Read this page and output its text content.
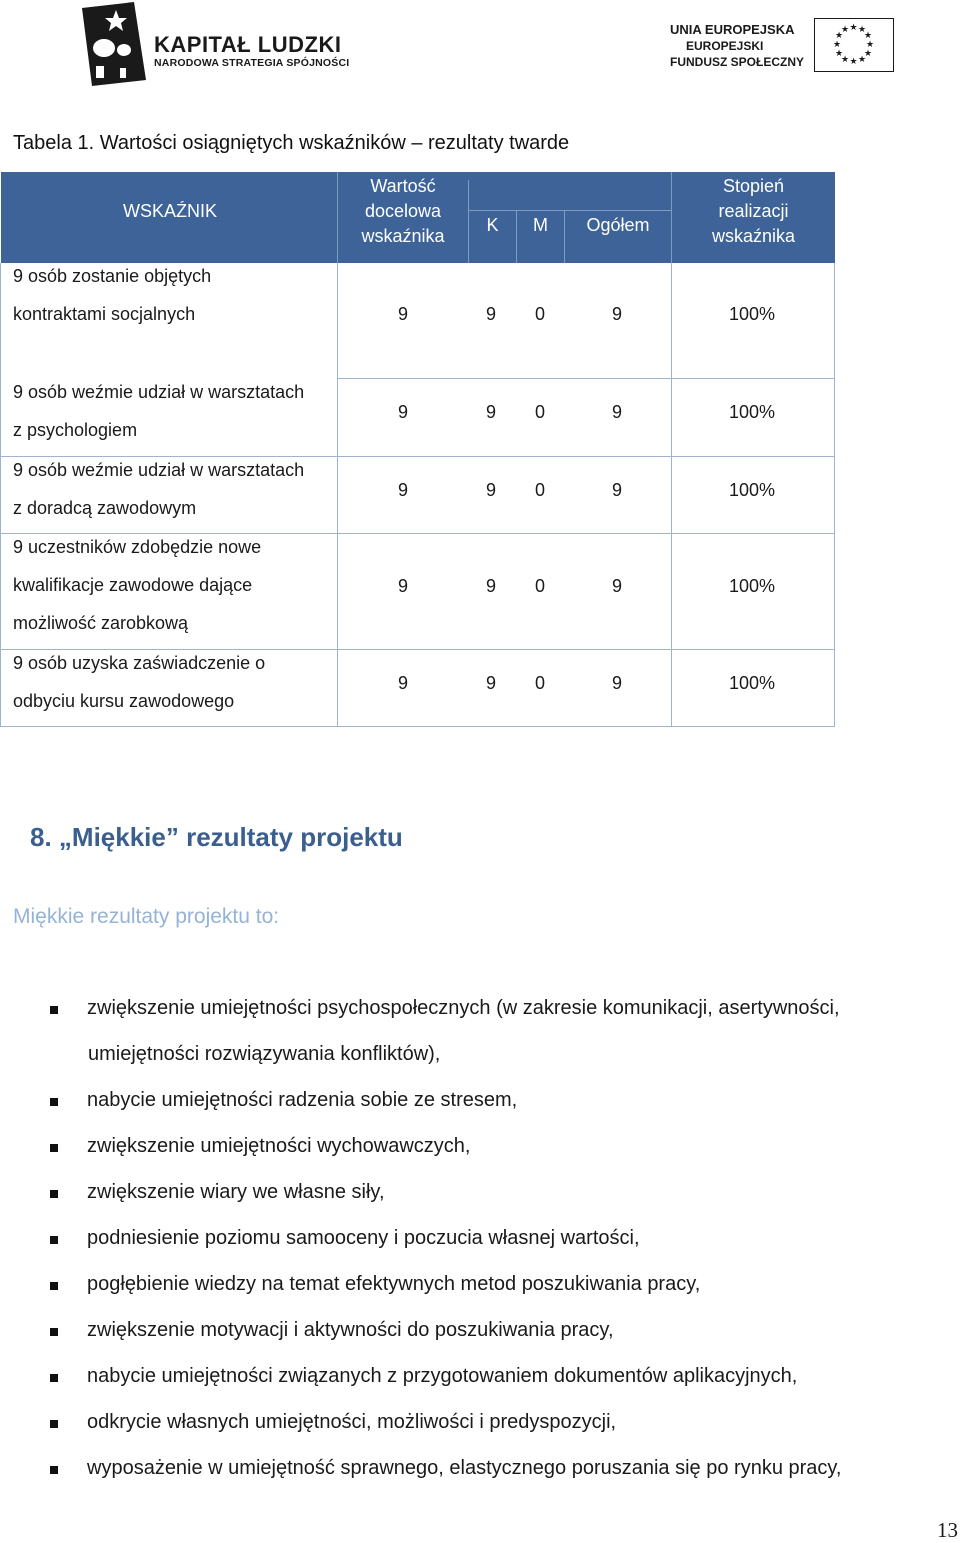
KAPITAŁ LUDZKI
NARODOWA STRATEGIA SPÓJNOŚCI
UNIA EUROPEJSKA
EUROPEJSKI
FUNDUSZ SPOŁECZNY
★ ★
★
★
★
★
★
★
★
★
★
★
Tabela 1. Wartości osiągniętych wskaźników – rezultaty twarde
WSKAŹNIK
Wartość
docelowa
wskaźnika
K	M	Ogółem
Stopień
realizacji
wskaźnika
9 osób zostanie objętych
kontraktami socjalnych	9	9 0	9	100%
9 osób weźmie udział w warsztatach
z psychologiem
9	9 0	9	100%
9 osób weźmie udział w warsztatach
z doradcą zawodowym
9	9 0	9	100%
9 uczestników zdobędzie nowe
kwalifikacje zawodowe dające
możliwość zarobkową
9	9 0	9	100%
9 osób uzyska zaświadczenie o
odbyciu kursu zawodowego
9	9 0	9	100%
8. „Miękkie” rezultaty projektu
Miękkie rezultaty projektu to:
zwiększenie umiejętności psychospołecznych (w zakresie komunikacji, asertywności,
umiejętności rozwiązywania konfliktów),
nabycie umiejętności radzenia sobie ze stresem,
zwiększenie umiejętności wychowawczych,
zwiększenie wiary we własne siły,
podniesienie poziomu samooceny i poczucia własnej wartości,
pogłębienie wiedzy na temat efektywnych metod poszukiwania pracy,
zwiększenie motywacji i aktywności do poszukiwania pracy,
nabycie umiejętności związanych z przygotowaniem dokumentów aplikacyjnych,
odkrycie własnych umiejętności, możliwości i predyspozycji,
wyposażenie w umiejętność sprawnego, elastycznego poruszania się po rynku pracy,
13
